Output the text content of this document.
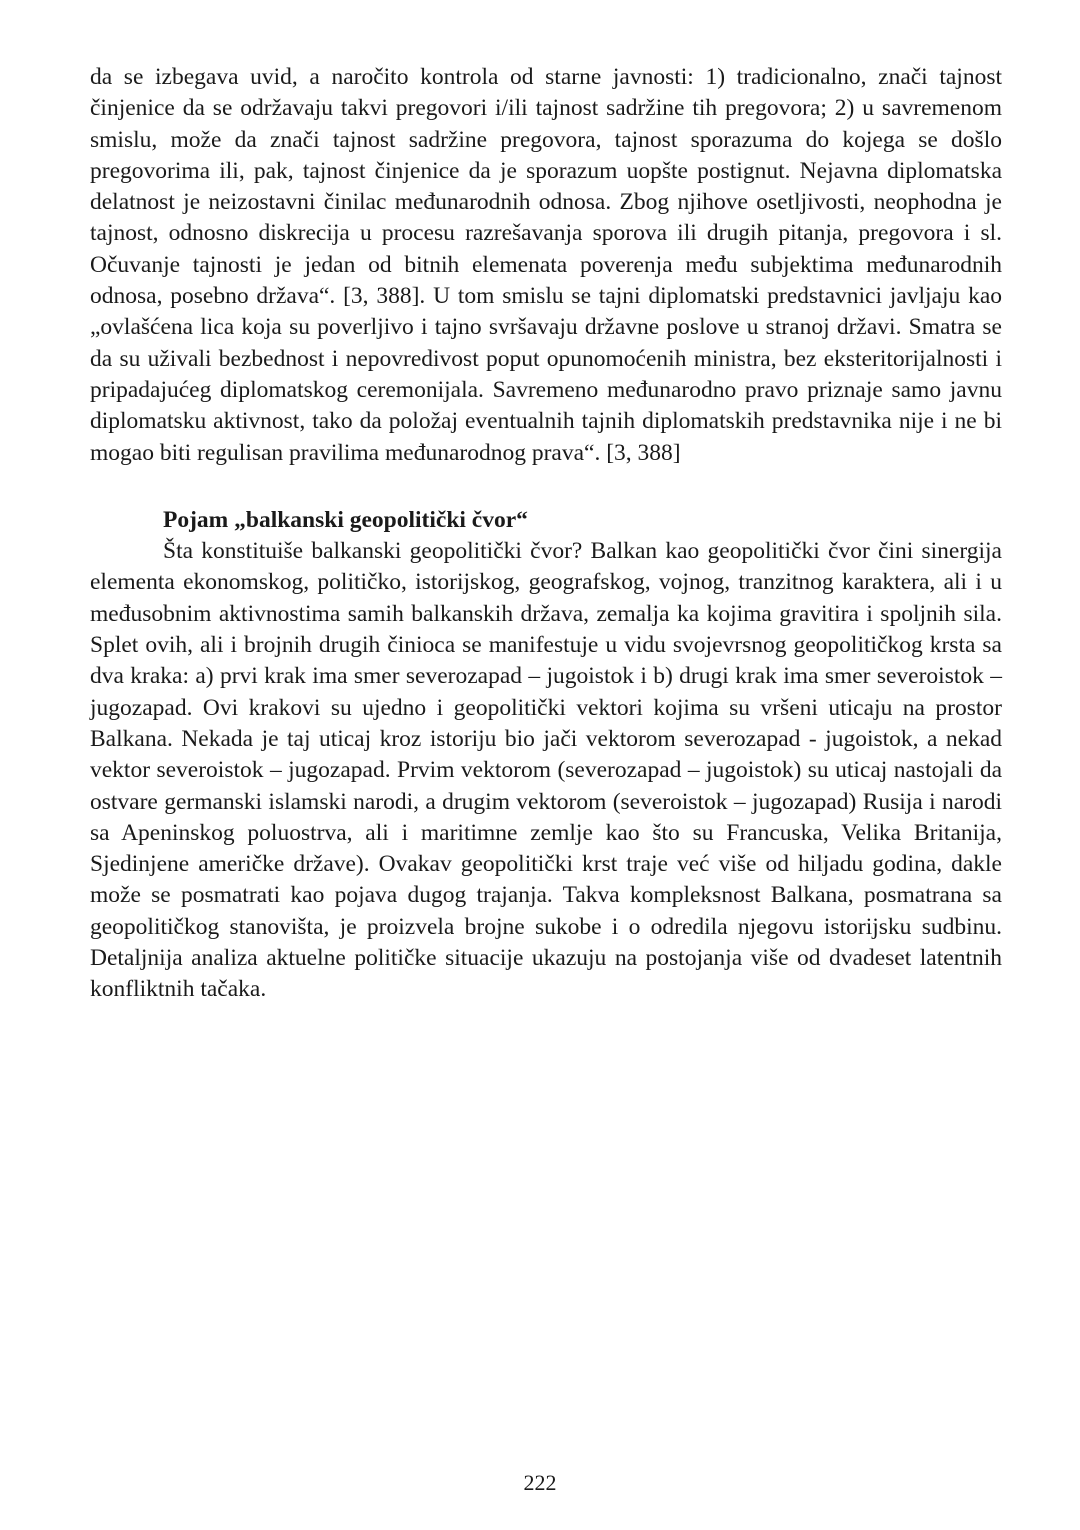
da se izbegava uvid, a naročito kontrola od starne javnosti: 1) tradicionalno, znači tajnost činjenice da se održavaju takvi pregovori i/ili tajnost sadržine tih pregovora; 2) u savremenom smislu, može da znači tajnost sadržine pregovora, tajnost sporazuma do kojega se došlo pregovorima ili, pak, tajnost činjenice da je sporazum uopšte postignut. Nejavna diplomatska delatnost je neizostavni činilac međunarodnih odnosa. Zbog njihove osetljivosti, neophodna je tajnost, odnosno diskrecija u procesu razrešavanja sporova ili drugih pitanja, pregovora i sl. Očuvanje tajnosti je jedan od bitnih elemenata poverenja među subjektima međunarodnih odnosa, posebno država“. [3, 388]. U tom smislu se tajni diplomatski predstavnici javljaju kao „ovlašćena lica koja su poverljivo i tajno svršavaju državne poslove u stranoj državi. Smatra se da su uživali bezbednost i nepovredivost poput opunomoćenih ministra, bez eksteritorijalnosti i pripadajućeg diplomatskog ceremonijala. Savremeno međunarodno pravo priznaje samo javnu diplomatsku aktivnost, tako da položaj eventualnih tajnih diplomatskih predstavnika nije i ne bi mogao biti regulisan pravilima međunarodnog prava“. [3, 388]

Pojam „balkanski geopolitički čvor“

Šta konstituiše balkanski geopolitički čvor? Balkan kao geopolitički čvor čini sinergija elementa ekonomskog, političko, istorijskog, geografskog, vojnog, tranzitnog karaktera, ali i u međusobnim aktivnostima samih balkanskih država, zemalja ka kojima gravitira i spoljnih sila. Splet ovih, ali i brojnih drugih činioca se manifestuje u vidu svojevrsnog geopolitičkog krsta sa dva kraka: a) prvi krak ima smer severozapad – jugoistok i b) drugi krak ima smer severoistok – jugozapad. Ovi krakovi su ujedno i geopolitički vektori kojima su vršeni uticaju na prostor Balkana. Nekada je taj uticaj kroz istoriju bio jači vektorom severozapad - jugoistok, a nekad vektor severoistok – jugozapad. Prvim vektorom (severozapad – jugoistok) su uticaj nastojali da ostvare germanski islamski narodi, a drugim vektorom (severoistok – jugozapad) Rusija i narodi sa Apeninskog poluostrva, ali i maritimne zemlje kao što su Francuska, Velika Britanija, Sjedinjene američke države). Ovakav geopolitički krst traje već više od hiljadu godina, dakle može se posmatrati kao pojava dugog trajanja. Takva kompleksnost Balkana, posmatrana sa geopolitičkog stanovišta, je proizvela brojne sukobe i o odredila njegovu istorijsku sudbinu. Detaljnija analiza aktuelne političke situacije ukazuju na postojanja više od dvadeset latentnih konfliktnih tačaka.

222
